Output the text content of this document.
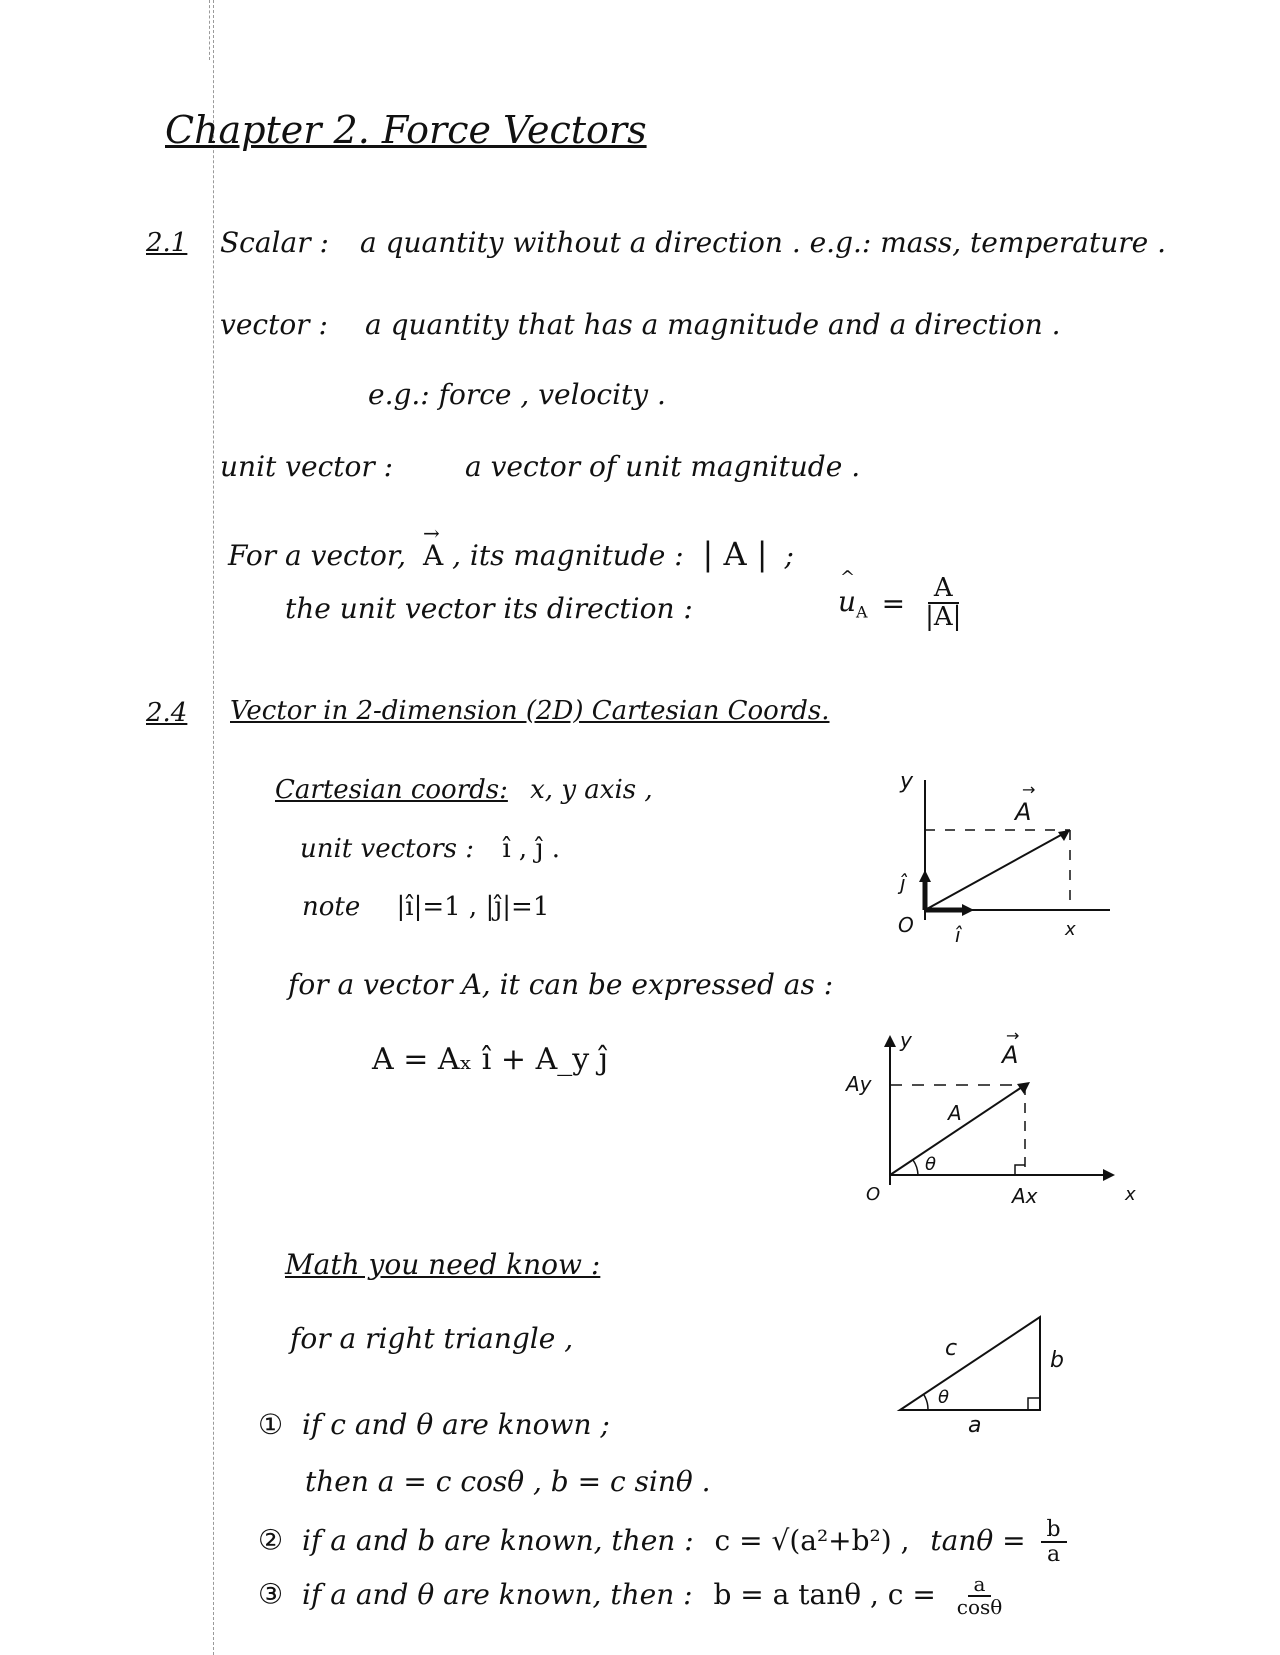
Chapter 2. Force Vectors
2.1 Scalar : a quantity without a direction . e.g.: mass, temperature .
vector : a quantity that has a magnitude and a direction .
e.g.: force , velocity .
unit vector :	a vector of unit magnitude .
For a vector,
→
A , its magnitude : | A | ;
the unit vector its direction :
^
$u_A = \frac{A}{|A|}$
2.4 Vector in 2-dimension (2D) Cartesian Coords.
Cartesian coords: x, y axis ,
unit vectors : î , ĵ .
note |î|=1 , |ĵ|=1
for a vector A, it can be expressed as :
A = Aₓ î + A_y ĵ
y
x
O
A
→
ĵ
î
y
x
O
A
→
A
Ay
Ax
θ
Math you need know :
for a right triangle ,	c	b
a
θ
① if c and θ are known ;
then a = c cosθ , b = c sinθ .
② if a and b are known, then : c = √(a²+b²) , $\tan\theta = \frac{b}{a}$
③ if a and θ are known, then : b = a tanθ , $c = \frac{a}{\cos\theta}$
